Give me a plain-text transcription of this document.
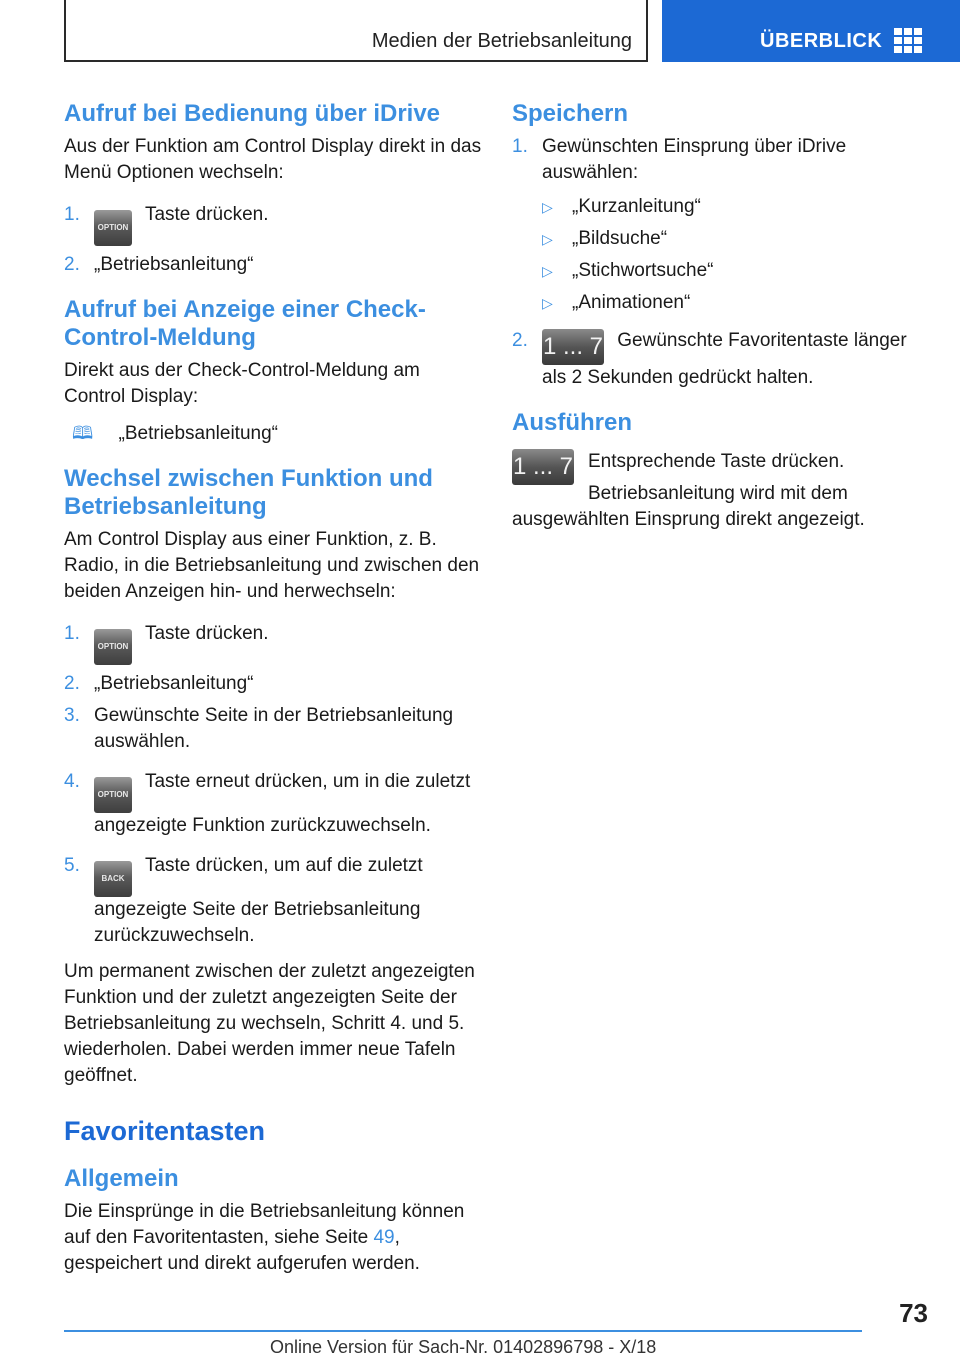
Medien der Betriebsanleitung	ÜBERBLICK
Aufruf bei Bedienung über iDrive

Aus der Funktion am Control Display direkt in das Menü Optionen wechseln:

1.
OPTION Taste drücken.
2. „Betriebsanleitung“
Aufruf bei Anzeige einer Check-Control-Meldung

Direkt aus der Check-Control-Meldung am Control Display:

🕮 „Betriebsanleitung“
Wechsel zwischen Funktion und Betriebsanleitung

Am Control Display aus einer Funktion, z. B. Radio, in die Betriebsanleitung und zwischen den beiden Anzeigen hin- und herwechseln:

1.
OPTION Taste drücken.
2. „Betriebsanleitung“
3. Gewünschte Seite in der Betriebsanleitung auswählen.
4.
OPTION Taste erneut drücken, um in die zuletzt angezeigte Funktion zurückzuwechseln.
5.
BACK Taste drücken, um auf die zuletzt angezeigte Seite der Betriebsanleitung zurückzuwechseln.

Um permanent zwischen der zuletzt angezeigten Funktion und der zuletzt angezeigten Seite der Betriebsanleitung zu wechseln, Schritt 4. und 5. wiederholen. Dabei werden immer neue Tafeln geöffnet.

Favoritentasten
Allgemein

Die Einsprünge in die Betriebsanleitung können auf den Favoritentasten, siehe Seite 49, gespeichert und direkt aufgerufen werden.

Speichern
1. Gewünschten Einsprung über iDrive auswählen:
▷ „Kurzanleitung“
▷ „Bildsuche“
▷ „Stichwortsuche“
▷ „Animationen“
2. 1 ... 7 Gewünschte Favoritentaste länger als 2 Sekunden gedrückt halten.
Ausführen
1 ... 7 Entsprechende Taste drücken.

Betriebsanleitung wird mit dem ausgewählten Einsprung direkt angezeigt.

73
Online Version für Sach-Nr. 01402896798 - X/18
